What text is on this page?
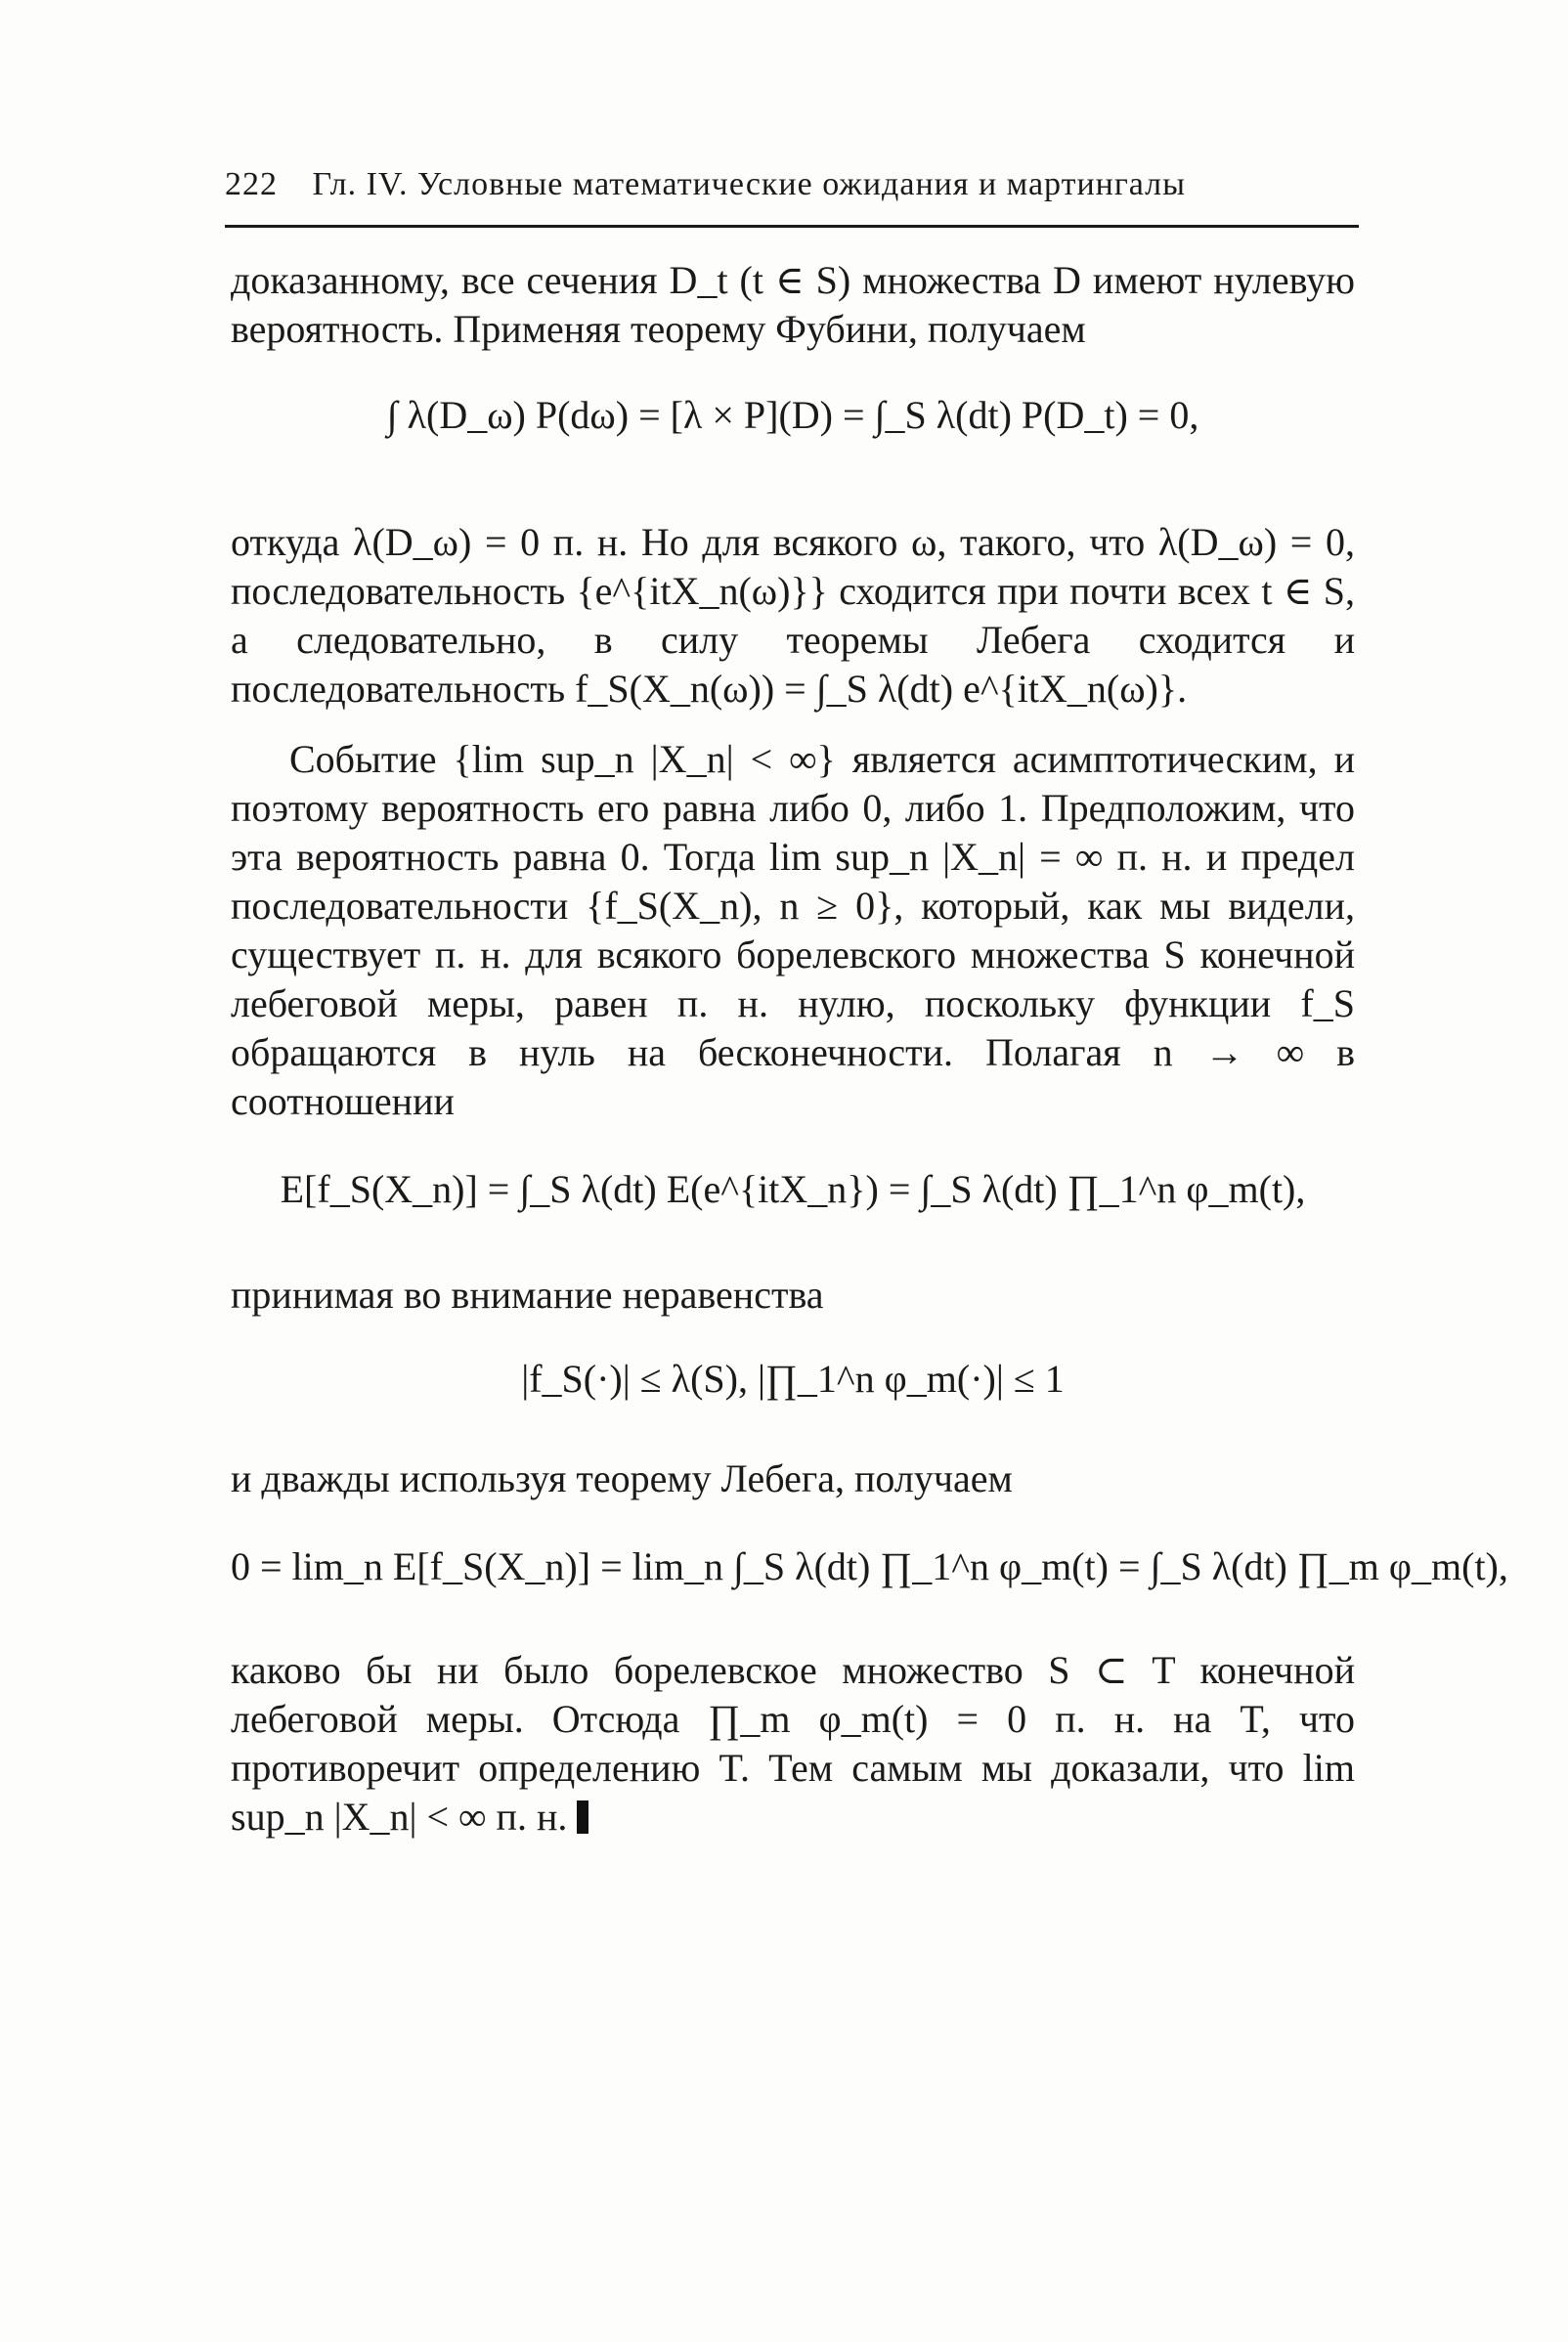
222 Гл. IV. Условные математические ожидания и мартингалы

доказанному, все сечения D_t (t ∈ S) множества D имеют нулевую вероятность. Применяя теорему Фубини, получаем

∫ λ(D_ω) P(dω) = [λ × P](D) = ∫_S λ(dt) P(D_t) = 0,

откуда λ(D_ω) = 0 п. н. Но для всякого ω, такого, что λ(D_ω) = 0, последовательность {e^{itX_n(ω)}} сходится при почти всех t ∈ S, а следовательно, в силу теоремы Лебега сходится и последовательность f_S(X_n(ω)) = ∫_S λ(dt) e^{itX_n(ω)}.

Событие {lim sup_n |X_n| < ∞} является асимптотическим, и поэтому вероятность его равна либо 0, либо 1. Предположим, что эта вероятность равна 0. Тогда lim sup_n |X_n| = ∞ п. н. и предел последовательности {f_S(X_n), n ≥ 0}, который, как мы видели, существует п. н. для всякого борелевского множества S конечной лебеговой меры, равен п. н. нулю, поскольку функции f_S обращаются в нуль на бесконечности. Полагая n → ∞ в соотношении

E[f_S(X_n)] = ∫_S λ(dt) E(e^{itX_n}) = ∫_S λ(dt) ∏_1^n φ_m(t),

принимая во внимание неравенства

|f_S(·)| ≤ λ(S), |∏_1^n φ_m(·)| ≤ 1

и дважды используя теорему Лебега, получаем

0 = lim_n E[f_S(X_n)] = lim_n ∫_S λ(dt) ∏_1^n φ_m(t) = ∫_S λ(dt) ∏_m φ_m(t),

каково бы ни было борелевское множество S ⊂ T конечной лебеговой меры. Отсюда ∏_m φ_m(t) = 0 п. н. на T, что противоречит определению T. Тем самым мы доказали, что lim sup_n |X_n| < ∞ п. н.
